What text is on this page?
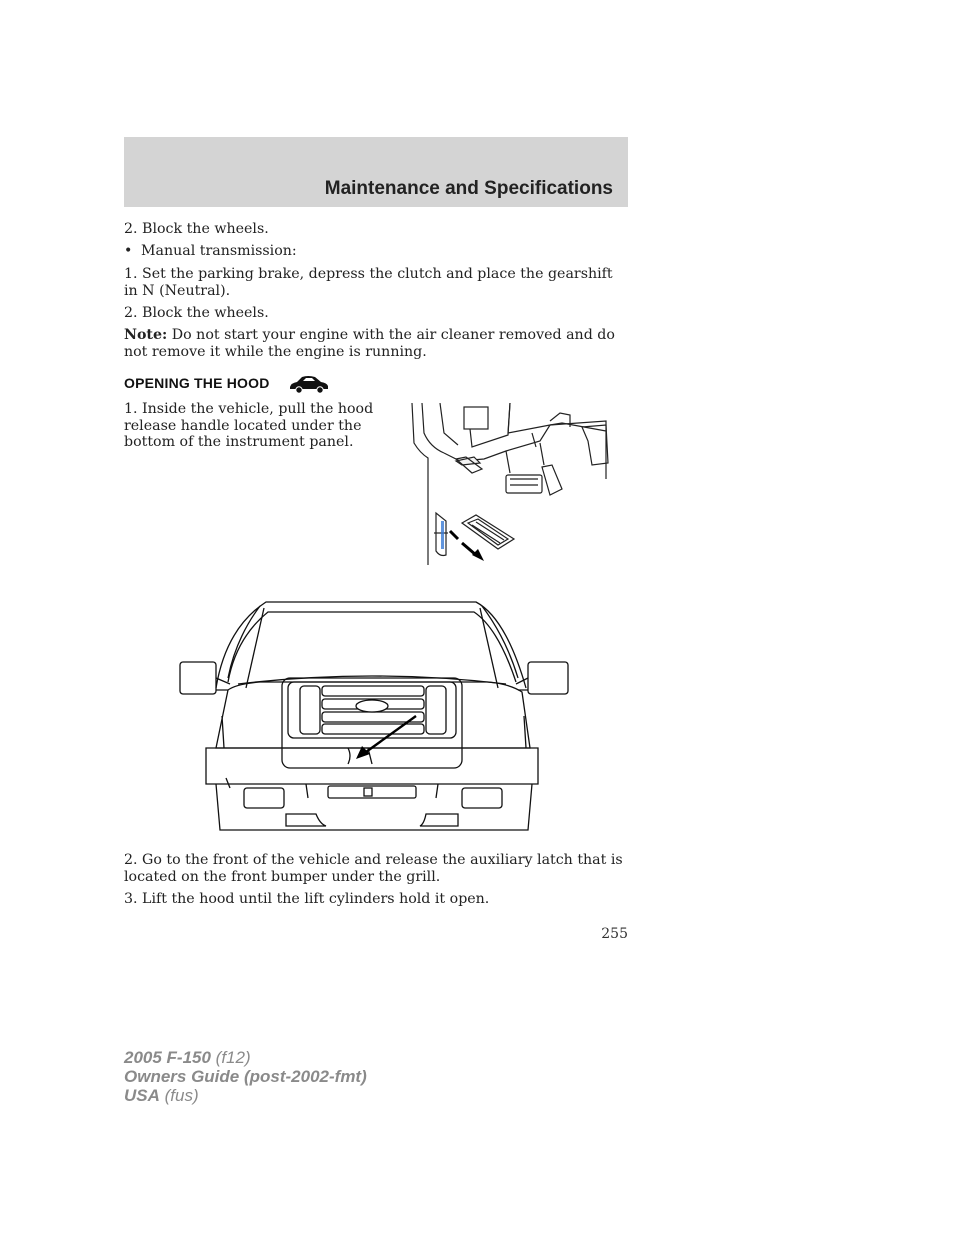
Maintenance and Specifications
2. Block the wheels.
• Manual transmission:
1. Set the parking brake, depress the clutch and place the gearshift in N (Neutral).
2. Block the wheels.
Note: Do not start your engine with the air cleaner removed and do not remove it while the engine is running.
OPENING THE HOOD
1. Inside the vehicle, pull the hood release handle located under the bottom of the instrument panel.
2. Go to the front of the vehicle and release the auxiliary latch that is located on the front bumper under the grill.
3. Lift the hood until the lift cylinders hold it open.
255
2005 F-150 (f12)
Owners Guide (post-2002-fmt)
USA (fus)
